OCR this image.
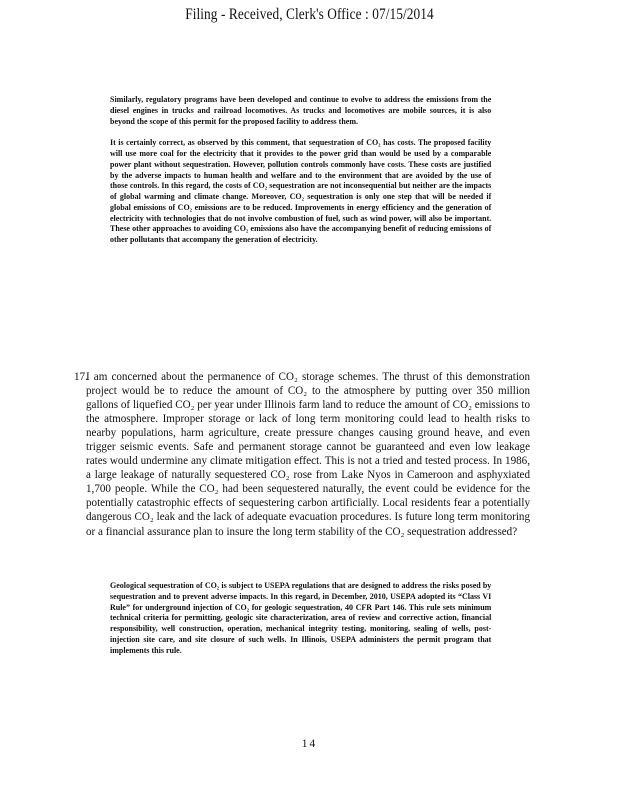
Filing - Received, Clerk's Office : 07/15/2014

Similarly, regulatory programs have been developed and continue to evolve to address the emissions from the diesel engines in trucks and railroad locomotives. As trucks and locomotives are mobile sources, it is also beyond the scope of this permit for the proposed facility to address them.

It is certainly correct, as observed by this comment, that sequestration of CO₂ has costs. The proposed facility will use more coal for the electricity that it provides to the power grid than would be used by a comparable power plant without sequestration. However, pollution controls commonly have costs. These costs are justified by the adverse impacts to human health and welfare and to the environment that are avoided by the use of those controls. In this regard, the costs of CO₂ sequestration are not inconsequential but neither are the impacts of global warming and climate change. Moreover, CO₂ sequestration is only one step that will be needed if global emissions of CO₂ emissions are to be reduced. Improvements in energy efficiency and the generation of electricity with technologies that do not involve combustion of fuel, such as wind power, will also be important. These other approaches to avoiding CO₂ emissions also have the accompanying benefit of reducing emissions of other pollutants that accompany the generation of electricity.

17.

I am concerned about the permanence of CO₂ storage schemes. The thrust of this demonstration project would be to reduce the amount of CO₂ to the atmosphere by putting over 350 million gallons of liquefied CO₂ per year under Illinois farm land to reduce the amount of CO₂ emissions to the atmosphere. Improper storage or lack of long term monitoring could lead to health risks to nearby populations, harm agriculture, create pressure changes causing ground heave, and even trigger seismic events. Safe and permanent storage cannot be guaranteed and even low leakage rates would undermine any climate mitigation effect. This is not a tried and tested process. In 1986, a large leakage of naturally sequestered CO₂ rose from Lake Nyos in Cameroon and asphyxiated 1,700 people. While the CO₂ had been sequestered naturally, the event could be evidence for the potentially catastrophic effects of sequestering carbon artificially. Local residents fear a potentially dangerous CO₂ leak and the lack of adequate evacuation procedures. Is future long term monitoring or a financial assurance plan to insure the long term stability of the CO₂ sequestration addressed?

Geological sequestration of CO₂ is subject to USEPA regulations that are designed to address the risks posed by sequestration and to prevent adverse impacts. In this regard, in December, 2010, USEPA adopted its “Class VI Rule” for underground injection of CO₂ for geologic sequestration, 40 CFR Part 146. This rule sets minimum technical criteria for permitting, geologic site characterization, area of review and corrective action, financial responsibility, well construction, operation, mechanical integrity testing, monitoring, sealing of wells, post-injection site care, and site closure of such wells. In Illinois, USEPA administers the permit program that implements this rule.

14
